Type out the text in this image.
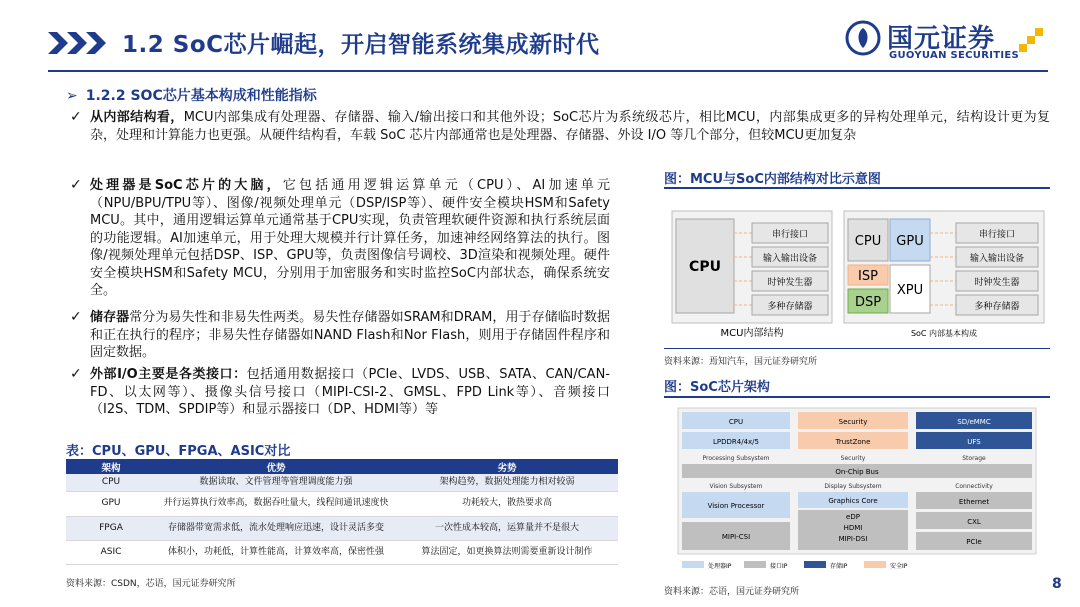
1.2 SoC芯片崛起，开启智能系统集成新时代	国元证券
GUOYUAN SECURITIES
➢ 1.2.2 SOC芯片基本构成和性能指标
✓ 从内部结构看，MCU内部集成有处理器、存储器、输入/输出接口和其他外设；SoC芯片为系统级芯片，相比MCU，内部集成更多的异构处理单元，结构设计更为复杂，处理和计算能力也更强。从硬件结构看，车载 SoC 芯片内部通常也是处理器、存储器、外设 I/O 等几个部分，但较MCU更加复杂
✓ 处理器是SoC芯片的大脑，它包括通用逻辑运算单元（CPU）、AI加速单元（NPU/BPU/TPU等）、图像/视频处理单元（DSP/ISP等）、硬件安全模块HSM和Safety MCU。其中，通用逻辑运算单元通常基于CPU实现，负责管理软硬件资源和执行系统层面的功能逻辑。AI加速单元，用于处理大规模并行计算任务，加速神经网络算法的执行。图像/视频处理单元包括DSP、ISP、GPU等，负责图像信号调校、3D渲染和视频处理。硬件安全模块HSM和Safety MCU，分别用于加密服务和实时监控SoC内部状态，确保系统安全。
✓ 储存器常分为易失性和非易失性两类。易失性存储器如SRAM和DRAM，用于存储临时数据和正在执行的程序；非易失性存储器如NAND Flash和Nor Flash，则用于存储固件程序和固定数据。
✓ 外部I/O主要是各类接口：包括通用数据接口（PCIe、LVDS、USB、SATA、CAN/CAN-FD、以太网等）、摄像头信号接口（MIPI-CSI-2、GMSL、FPD Link等）、音频接口（I2S、TDM、SPDIP等）和显示器接口（DP、HDMI等）等
表：CPU、GPU、FPGA、ASIC对比
架构	优势	劣势
CPU	数据读取、文件管理等管理调度能力强	架构趋势，数据处理能力相对较弱
GPU	并行运算执行效率高，数据吞吐量大，线程间通讯速度快	功耗较大，散热要求高
FPGA	存储器带宽需求低，流水处理响应迅速，设计灵活多变	一次性成本较高，运算量并不是很大
ASIC	体积小，功耗低，计算性能高，计算效率高，保密性强	算法固定，如更换算法则需要重新设计制作
资料来源：CSDN，芯语，国元证券研究所
图：MCU与SoC内部结构对比示意图
CPU
串行接口
输入输出设备
时钟发生器
多种存储器
MCU内部结构
CPU GPU
ISP
DSP
XPU
串行接口
输入输出设备
时钟发生器
多种存储器
SoC 内部基本构成
资料来源：焉知汽车，国元证券研究所
图：SoC芯片架构
CPU	Security	SD/eMMC
LPDDR4/4x/5	TrustZone	UFS
Processing Subsystem	Security	Storage
On-Chip Bus
Vision Subsystem	Display Subsystem	Connectivity
Vision Processor
MIPI-CSI
Graphics Core
eDP
HDMI
MIPI-DSI
Ethernet
CXL
PCIe
处理器IP	接口IP	存储IP	安全IP
资料来源：芯语，国元证券研究所	8
